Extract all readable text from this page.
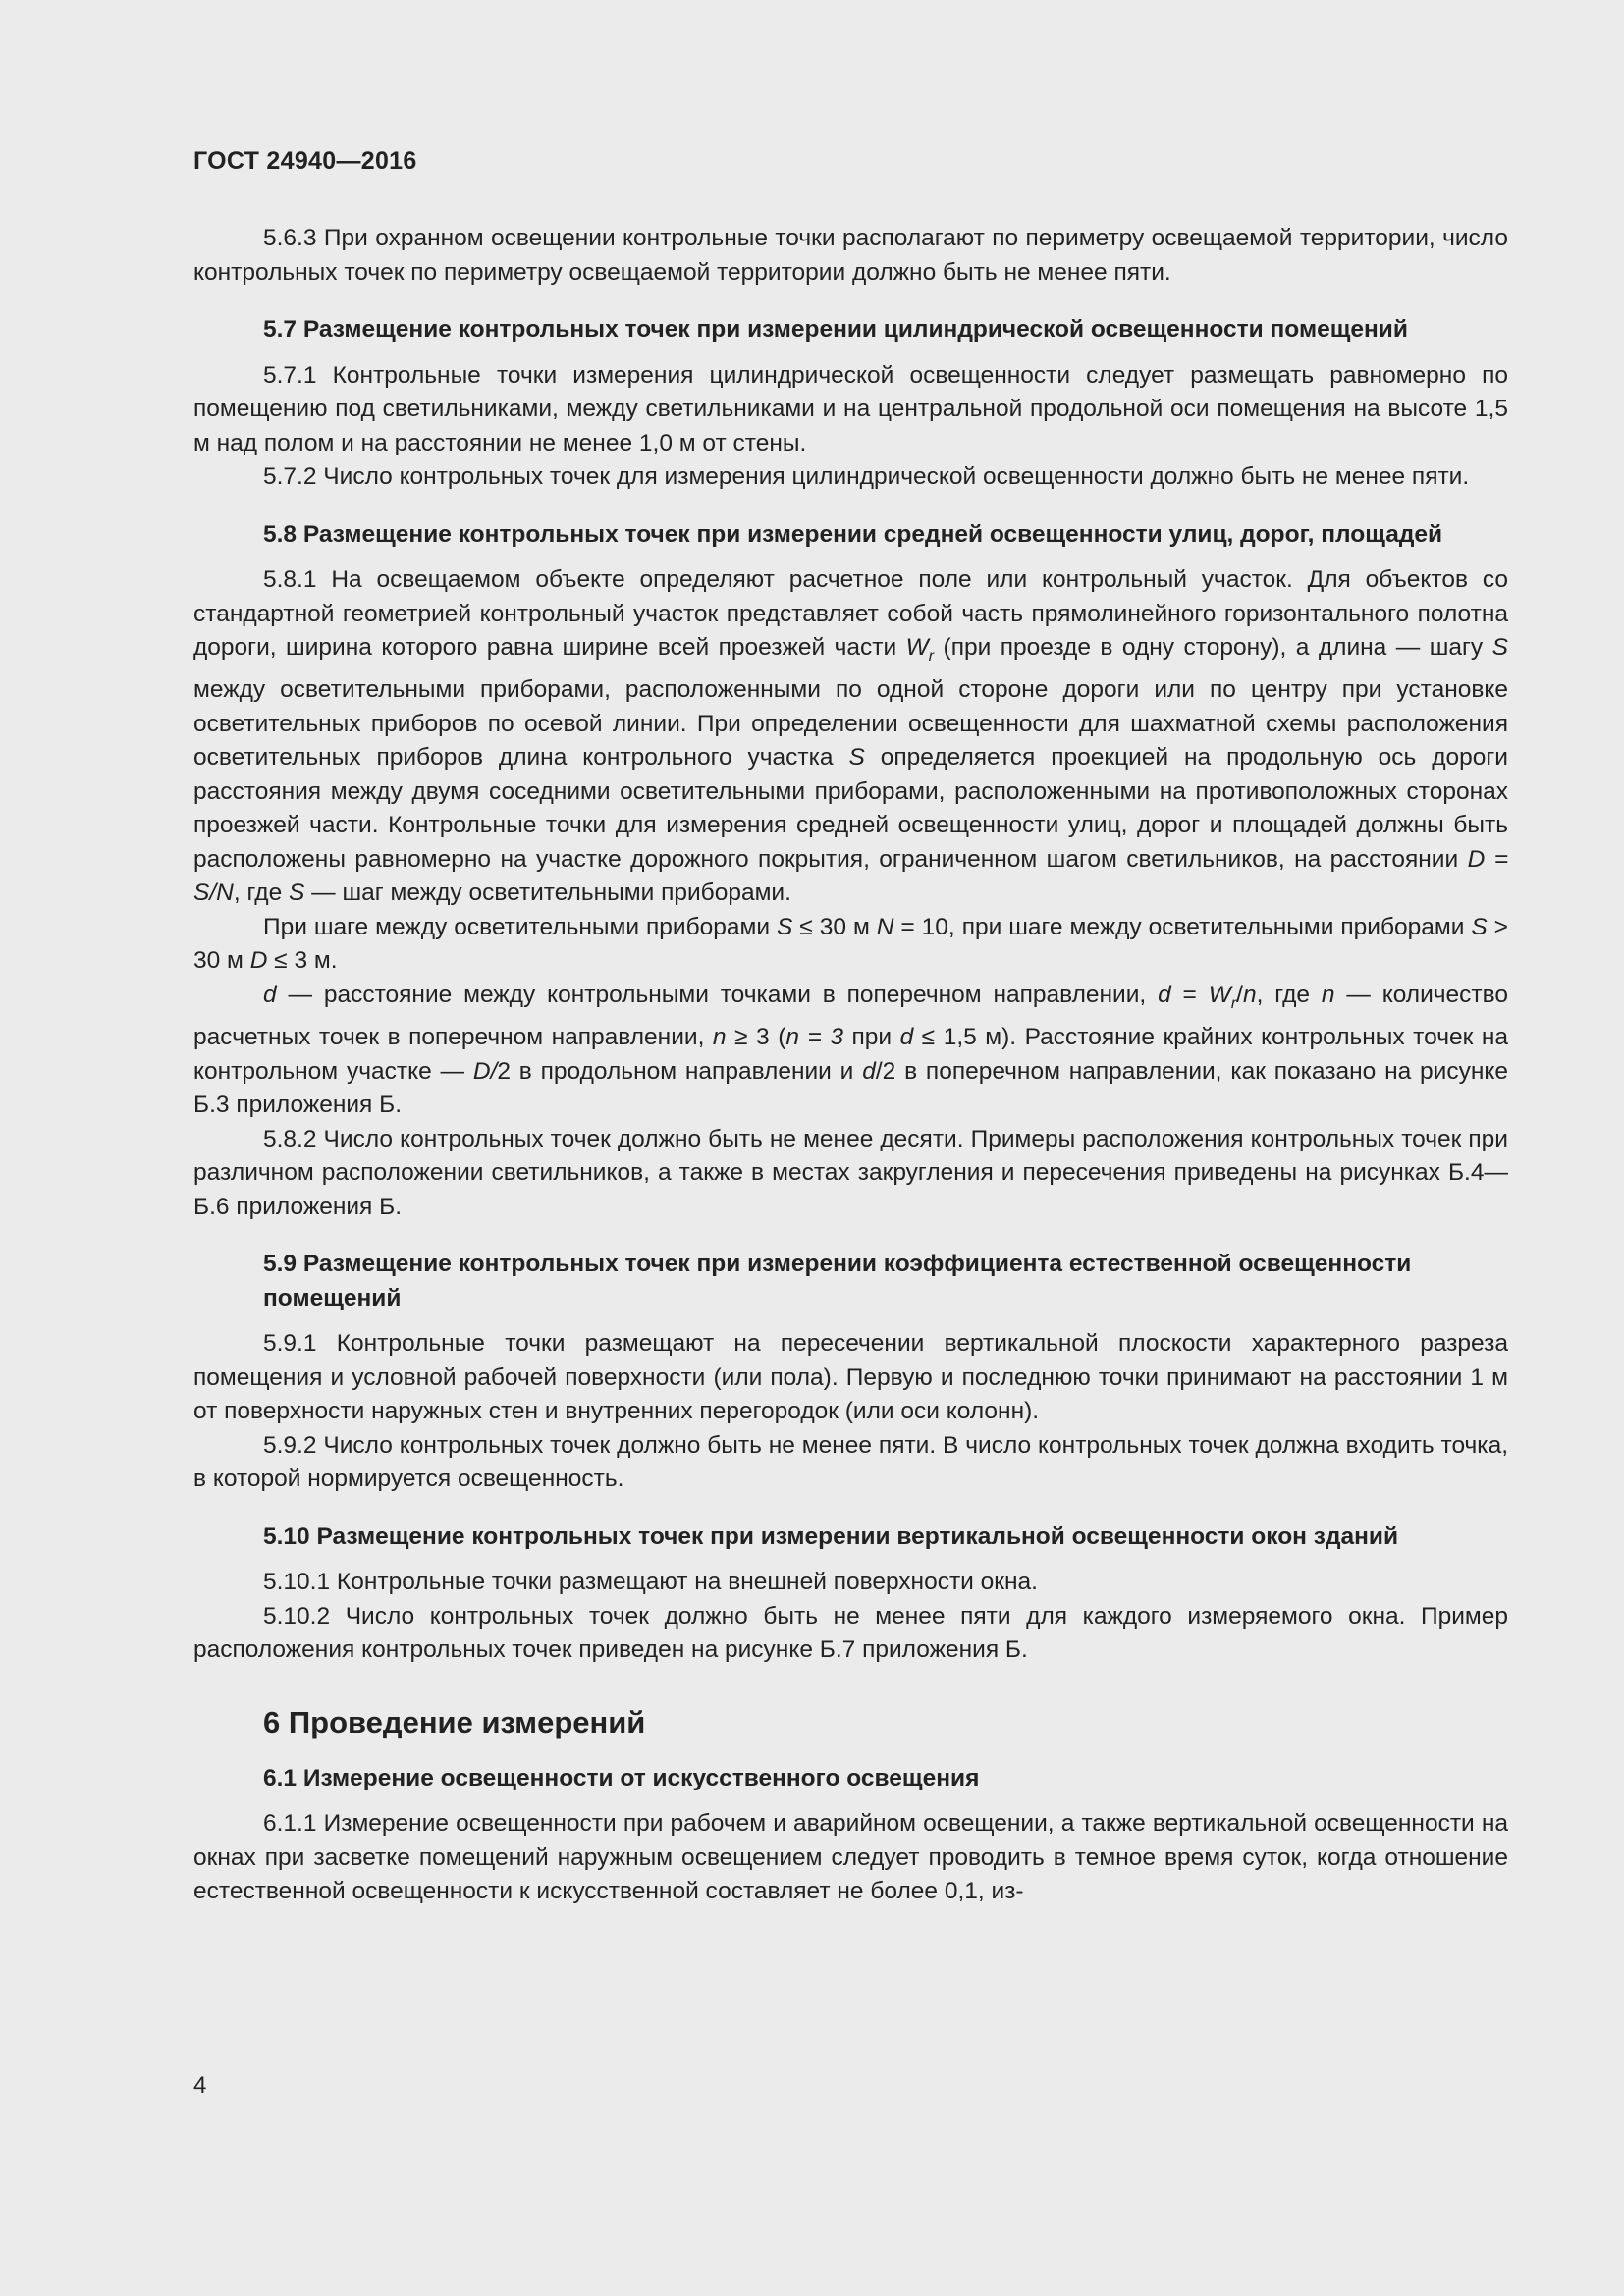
ГОСТ 24940—2016

5.6.3 При охранном освещении контрольные точки располагают по периметру освещаемой территории, число контрольных точек по периметру освещаемой территории должно быть не менее пяти.

5.7 Размещение контрольных точек при измерении цилиндрической освещенности помещений

5.7.1 Контрольные точки измерения цилиндрической освещенности следует размещать равномерно по помещению под светильниками, между светильниками и на центральной продольной оси помещения на высоте 1,5 м над полом и на расстоянии не менее 1,0 м от стены.

5.7.2 Число контрольных точек для измерения цилиндрической освещенности должно быть не менее пяти.

5.8 Размещение контрольных точек при измерении средней освещенности улиц, дорог, площадей

5.8.1 На освещаемом объекте определяют расчетное поле или контрольный участок. Для объектов со стандартной геометрией контрольный участок представляет собой часть прямолинейного горизонтального полотна дороги, ширина которого равна ширине всей проезжей части $W_r$ (при проезде в одну сторону), а длина — шагу S между осветительными приборами, расположенными по одной стороне дороги или по центру при установке осветительных приборов по осевой линии. При определении освещенности для шахматной схемы расположения осветительных приборов длина контрольного участка S определяется проекцией на продольную ось дороги расстояния между двумя соседними осветительными приборами, расположенными на противоположных сторонах проезжей части. Контрольные точки для измерения средней освещенности улиц, дорог и площадей должны быть расположены равномерно на участке дорожного покрытия, ограниченном шагом светильников, на расстоянии D = S/N, где S — шаг между осветительными приборами.

При шаге между осветительными приборами S ≤ 30 м N = 10, при шаге между осветительными приборами S > 30 м D ≤ 3 м.

d — расстояние между контрольными точками в поперечном направлении, $d = W_r/n$, где n — количество расчетных точек в поперечном направлении, n ≥ 3 (n = 3 при d ≤ 1,5 м). Расстояние крайних контрольных точек на контрольном участке — D/2 в продольном направлении и d/2 в поперечном направлении, как показано на рисунке Б.3 приложения Б.

5.8.2 Число контрольных точек должно быть не менее десяти. Примеры расположения контрольных точек при различном расположении светильников, а также в местах закругления и пересечения приведены на рисунках Б.4—Б.6 приложения Б.

5.9 Размещение контрольных точек при измерении коэффициента естественной освещенности помещений

5.9.1 Контрольные точки размещают на пересечении вертикальной плоскости характерного разреза помещения и условной рабочей поверхности (или пола). Первую и последнюю точки принимают на расстоянии 1 м от поверхности наружных стен и внутренних перегородок (или оси колонн).

5.9.2 Число контрольных точек должно быть не менее пяти. В число контрольных точек должна входить точка, в которой нормируется освещенность.

5.10 Размещение контрольных точек при измерении вертикальной освещенности окон зданий

5.10.1 Контрольные точки размещают на внешней поверхности окна.

5.10.2 Число контрольных точек должно быть не менее пяти для каждого измеряемого окна. Пример расположения контрольных точек приведен на рисунке Б.7 приложения Б.

6 Проведение измерений
6.1 Измерение освещенности от искусственного освещения

6.1.1 Измерение освещенности при рабочем и аварийном освещении, а также вертикальной освещенности на окнах при засветке помещений наружным освещением следует проводить в темное время суток, когда отношение естественной освещенности к искусственной составляет не более 0,1, из-

4
